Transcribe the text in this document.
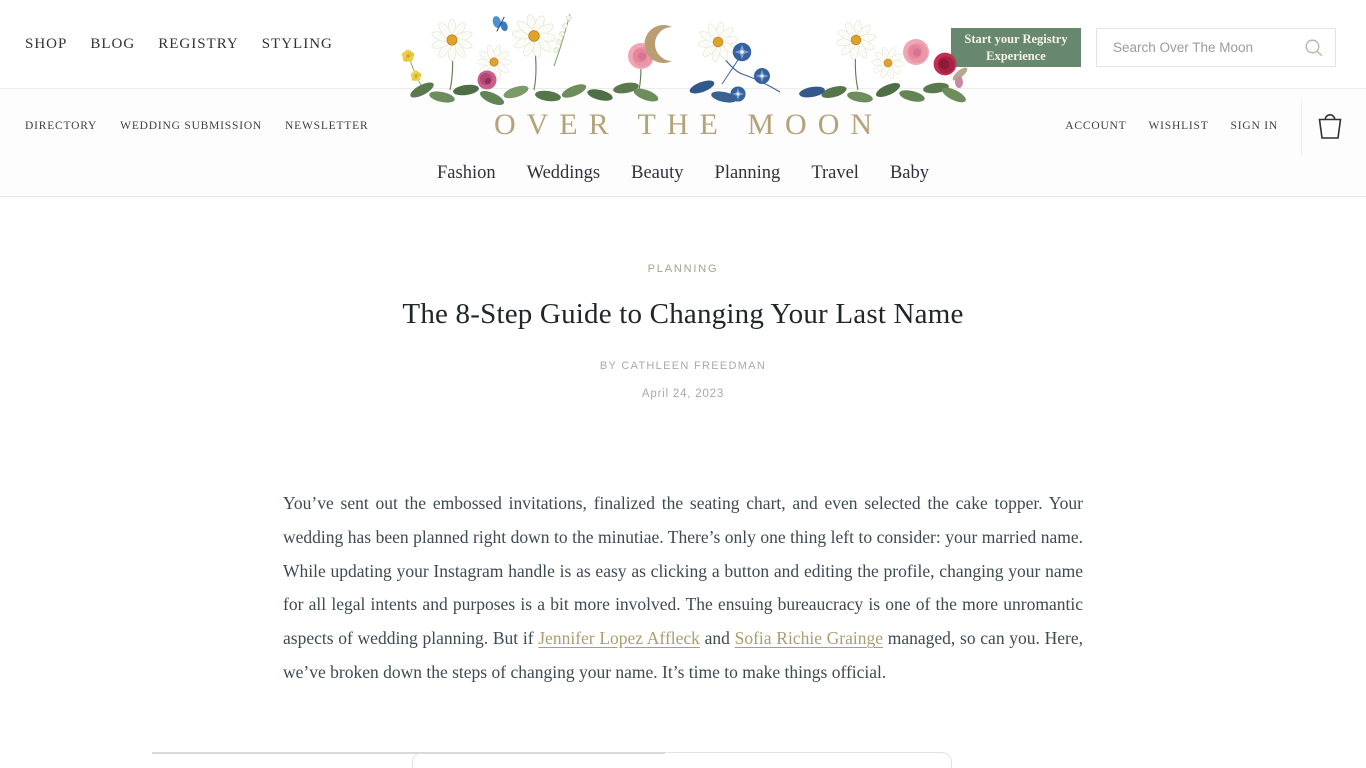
SHOP BLOG REGISTRY STYLING	Start your Registry Experience
Search Over The Moon
DIRECTORY WEDDING SUBMISSION NEWSLETTER	ACCOUNT WISHLIST SIGN IN
OVER THE MOON
Fashion Weddings Beauty Planning Travel Baby
PLANNING
The 8-Step Guide to Changing Your Last Name
BY CATHLEEN FREEDMAN
April 24, 2023

You’ve sent out the embossed invitations, finalized the seating chart, and even selected the cake topper. Your wedding has been planned right down to the minutiae. There’s only one thing left to consider: your married name. While updating your Instagram handle is as easy as clicking a button and editing the profile, changing your name for all legal intents and purposes is a bit more involved. The ensuing bureaucracy is one of the more unromantic aspects of wedding planning. But if Jennifer Lopez Affleck and Sofia Richie Grainge managed, so can you. Here, we’ve broken down the steps of changing your name. It’s time to make things official.
